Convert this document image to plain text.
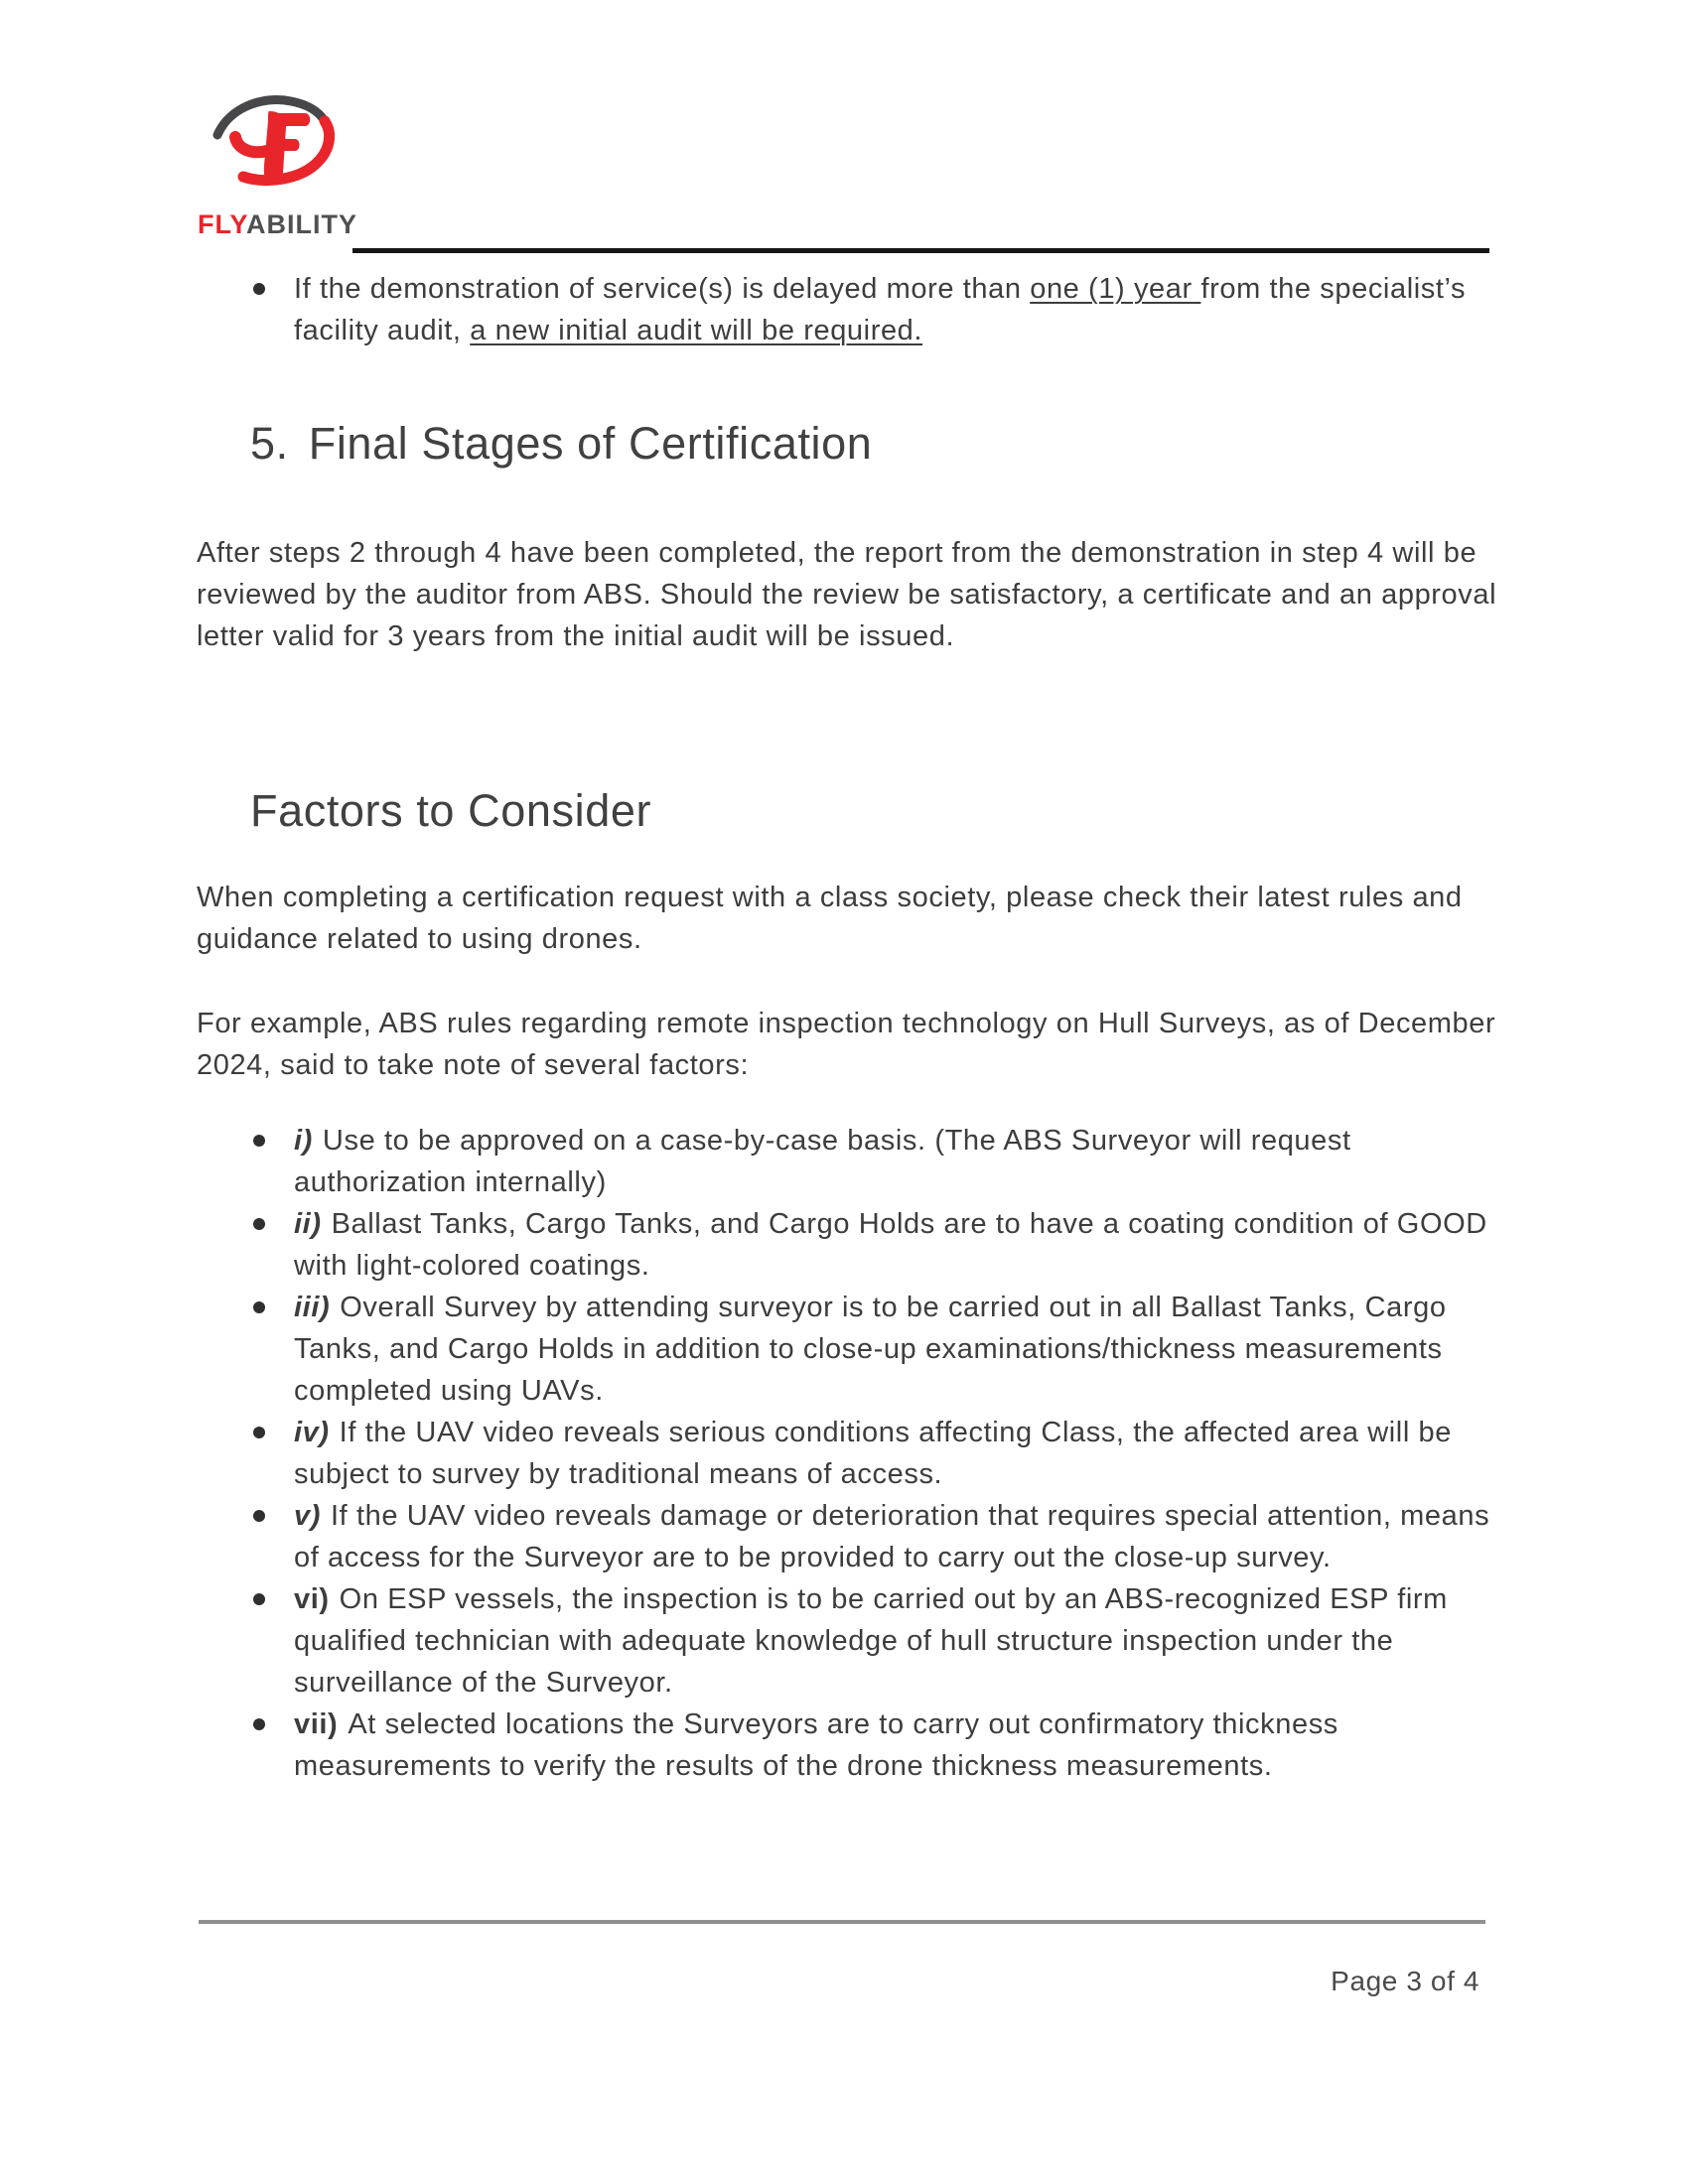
FLYABILITY
If the demonstration of service(s) is delayed more than one (1) year from the specialist’s facility audit, a new initial audit will be required.
5. Final Stages of Certification
After steps 2 through 4 have been completed, the report from the demonstration in step 4 will be reviewed by the auditor from ABS. Should the review be satisfactory, a certificate and an approval letter valid for 3 years from the initial audit will be issued.
Factors to Consider
When completing a certification request with a class society, please check their latest rules and guidance related to using drones.
For example, ABS rules regarding remote inspection technology on Hull Surveys, as of December 2024, said to take note of several factors:
i) Use to be approved on a case-by-case basis. (The ABS Surveyor will request authorization internally)
ii) Ballast Tanks, Cargo Tanks, and Cargo Holds are to have a coating condition of GOOD with light-colored coatings.
iii) Overall Survey by attending surveyor is to be carried out in all Ballast Tanks, Cargo Tanks, and Cargo Holds in addition to close-up examinations/thickness measurements completed using UAVs.
iv) If the UAV video reveals serious conditions affecting Class, the affected area will be subject to survey by traditional means of access.
v) If the UAV video reveals damage or deterioration that requires special attention, means of access for the Surveyor are to be provided to carry out the close-up survey.
vi) On ESP vessels, the inspection is to be carried out by an ABS-recognized ESP firm qualified technician with adequate knowledge of hull structure inspection under the surveillance of the Surveyor.
vii) At selected locations the Surveyors are to carry out confirmatory thickness measurements to verify the results of the drone thickness measurements.
Page 3 of 4
